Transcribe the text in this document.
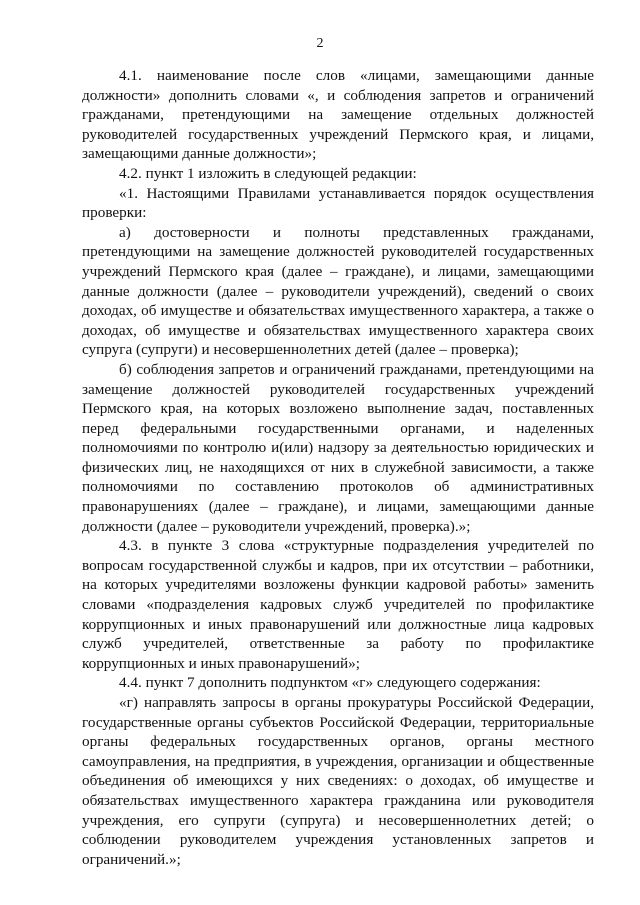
2

4.1. наименование после слов «лицами, замещающими данные должности» дополнить словами «, и соблюдения запретов и ограничений гражданами, претендующими на замещение отдельных должностей руководителей государственных учреждений Пермского края, и лицами, замещающими данные должности»;

4.2. пункт 1 изложить в следующей редакции:

«1. Настоящими Правилами устанавливается порядок осуществления проверки:

а) достоверности и полноты представленных гражданами, претендующими на замещение должностей руководителей государственных учреждений Пермского края (далее – граждане), и лицами, замещающими данные должности (далее – руководители учреждений), сведений о своих доходах, об имуществе и обязательствах имущественного характера, а также о доходах, об имуществе и обязательствах имущественного характера своих супруга (супруги) и несовершеннолетних детей (далее – проверка);

б) соблюдения запретов и ограничений гражданами, претендующими на замещение должностей руководителей государственных учреждений Пермского края, на которых возложено выполнение задач, поставленных перед федеральными государственными органами, и наделенных полномочиями по контролю и(или) надзору за деятельностью юридических и физических лиц, не находящихся от них в служебной зависимости, а также полномочиями по составлению протоколов об административных правонарушениях (далее – граждане), и лицами, замещающими данные должности (далее – руководители учреждений, проверка).»;

4.3. в пункте 3 слова «структурные подразделения учредителей по вопросам государственной службы и кадров, при их отсутствии – работники, на которых учредителями возложены функции кадровой работы» заменить словами «подразделения кадровых служб учредителей по профилактике коррупционных и иных правонарушений или должностные лица кадровых служб учредителей, ответственные за работу по профилактике коррупционных и иных правонарушений»;

4.4. пункт 7 дополнить подпунктом «г» следующего содержания:

«г) направлять запросы в органы прокуратуры Российской Федерации, государственные органы субъектов Российской Федерации, территориальные органы федеральных государственных органов, органы местного самоуправления, на предприятия, в учреждения, организации и общественные объединения об имеющихся у них сведениях: о доходах, об имуществе и обязательствах имущественного характера гражданина или руководителя учреждения, его супруги (супруга) и несовершеннолетних детей; о соблюдении руководителем учреждения установленных запретов и ограничений.»;
